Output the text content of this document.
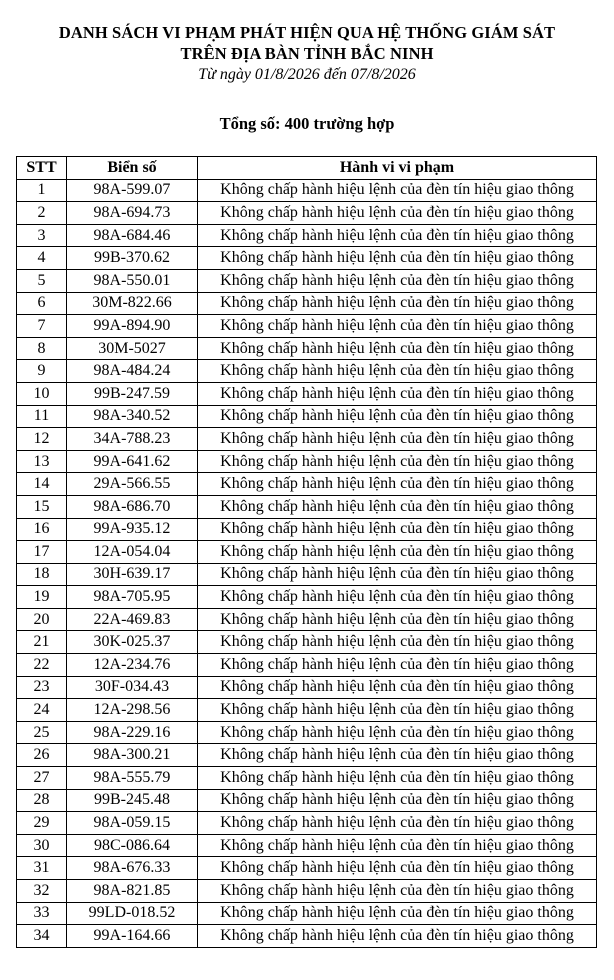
DANH SÁCH VI PHẠM PHÁT HIỆN QUA HỆ THỐNG GIÁM SÁT
TRÊN ĐỊA BÀN TỈNH BẮC NINH
Từ ngày 01/8/2026 đến 07/8/2026
Tổng số: 400 trường hợp
STT	Biển số	Hành vi vi phạm
1	98A-599.07	Không chấp hành hiệu lệnh của đèn tín hiệu giao thông
2	98A-694.73	Không chấp hành hiệu lệnh của đèn tín hiệu giao thông
3	98A-684.46	Không chấp hành hiệu lệnh của đèn tín hiệu giao thông
4	99B-370.62	Không chấp hành hiệu lệnh của đèn tín hiệu giao thông
5	98A-550.01	Không chấp hành hiệu lệnh của đèn tín hiệu giao thông
6	30M-822.66	Không chấp hành hiệu lệnh của đèn tín hiệu giao thông
7	99A-894.90	Không chấp hành hiệu lệnh của đèn tín hiệu giao thông
8	30M-5027	Không chấp hành hiệu lệnh của đèn tín hiệu giao thông
9	98A-484.24	Không chấp hành hiệu lệnh của đèn tín hiệu giao thông
10	99B-247.59	Không chấp hành hiệu lệnh của đèn tín hiệu giao thông
11	98A-340.52	Không chấp hành hiệu lệnh của đèn tín hiệu giao thông
12	34A-788.23	Không chấp hành hiệu lệnh của đèn tín hiệu giao thông
13	99A-641.62	Không chấp hành hiệu lệnh của đèn tín hiệu giao thông
14	29A-566.55	Không chấp hành hiệu lệnh của đèn tín hiệu giao thông
15	98A-686.70	Không chấp hành hiệu lệnh của đèn tín hiệu giao thông
16	99A-935.12	Không chấp hành hiệu lệnh của đèn tín hiệu giao thông
17	12A-054.04	Không chấp hành hiệu lệnh của đèn tín hiệu giao thông
18	30H-639.17	Không chấp hành hiệu lệnh của đèn tín hiệu giao thông
19	98A-705.95	Không chấp hành hiệu lệnh của đèn tín hiệu giao thông
20	22A-469.83	Không chấp hành hiệu lệnh của đèn tín hiệu giao thông
21	30K-025.37	Không chấp hành hiệu lệnh của đèn tín hiệu giao thông
22	12A-234.76	Không chấp hành hiệu lệnh của đèn tín hiệu giao thông
23	30F-034.43	Không chấp hành hiệu lệnh của đèn tín hiệu giao thông
24	12A-298.56	Không chấp hành hiệu lệnh của đèn tín hiệu giao thông
25	98A-229.16	Không chấp hành hiệu lệnh của đèn tín hiệu giao thông
26	98A-300.21	Không chấp hành hiệu lệnh của đèn tín hiệu giao thông
27	98A-555.79	Không chấp hành hiệu lệnh của đèn tín hiệu giao thông
28	99B-245.48	Không chấp hành hiệu lệnh của đèn tín hiệu giao thông
29	98A-059.15	Không chấp hành hiệu lệnh của đèn tín hiệu giao thông
30	98C-086.64	Không chấp hành hiệu lệnh của đèn tín hiệu giao thông
31	98A-676.33	Không chấp hành hiệu lệnh của đèn tín hiệu giao thông
32	98A-821.85	Không chấp hành hiệu lệnh của đèn tín hiệu giao thông
33	99LD-018.52	Không chấp hành hiệu lệnh của đèn tín hiệu giao thông
34	99A-164.66	Không chấp hành hiệu lệnh của đèn tín hiệu giao thông
